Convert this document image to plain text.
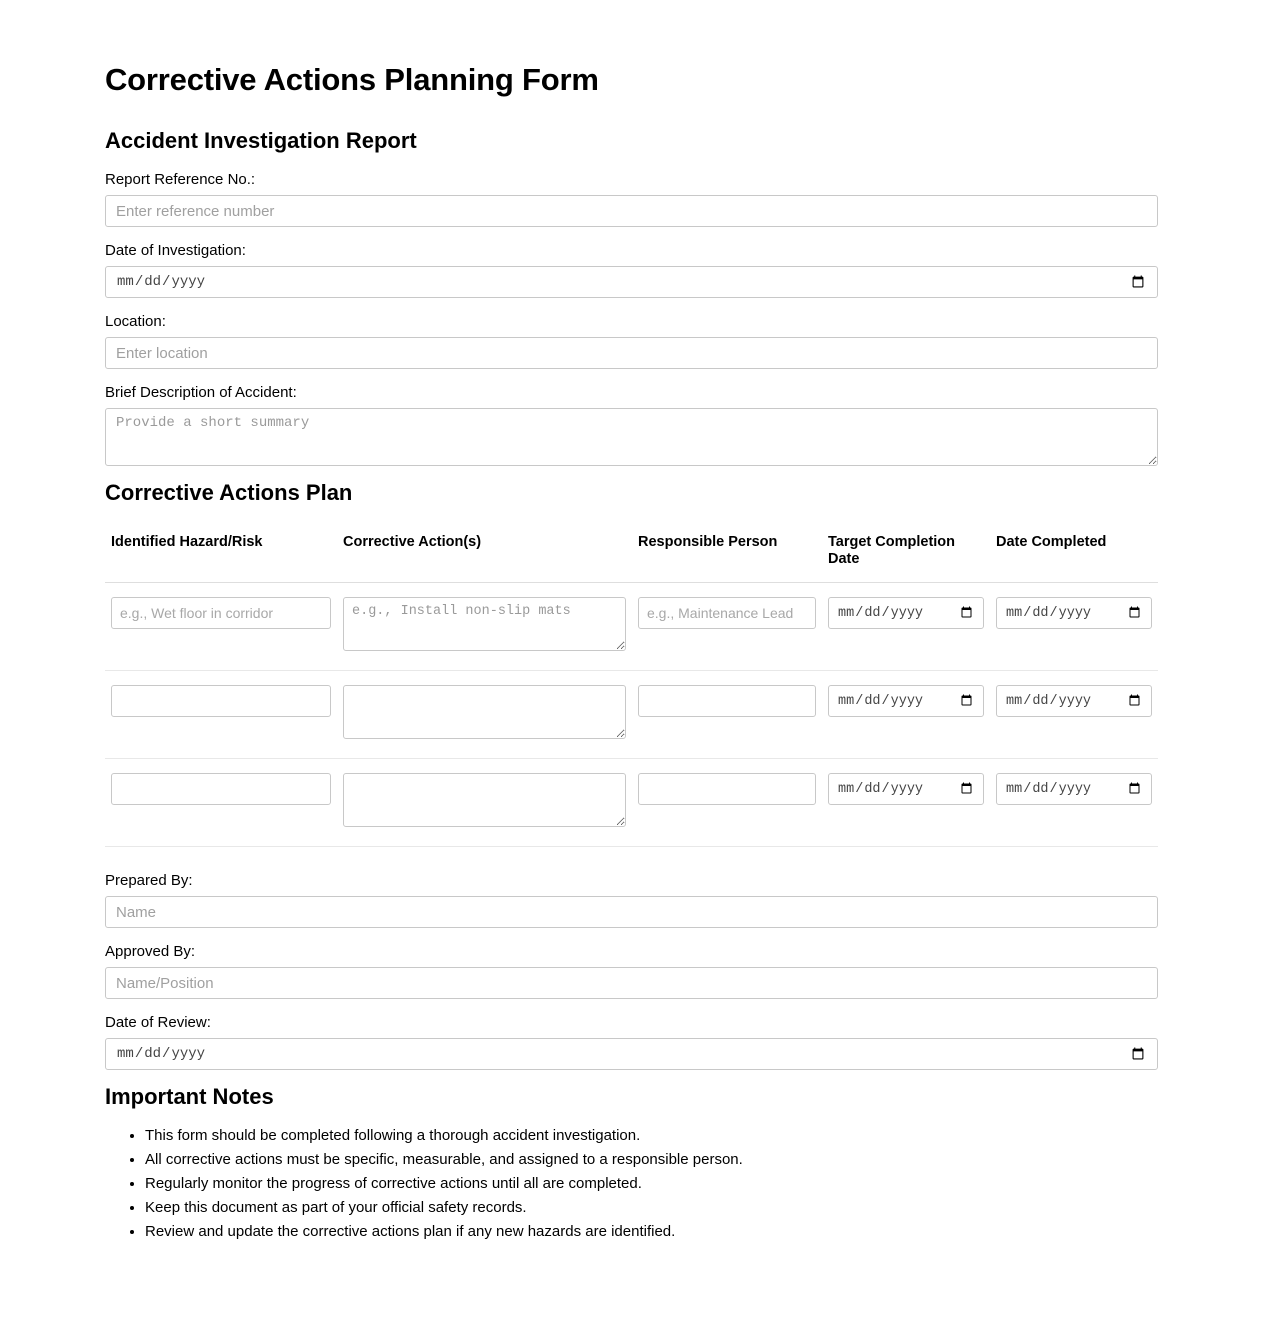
Corrective Actions Planning Form
Accident Investigation Report
Report Reference No.:
Enter reference number
Date of Investigation:
mm/dd/yyyy
Location:
Enter location
Brief Description of Accident:
Provide a short summary
Corrective Actions Plan
Identified Hazard/Risk	Corrective Action(s)	Responsible Person	Target Completion Date	Date Completed
e.g., Wet floor in corridor	e.g., Install non-slip mats	e.g., Maintenance Lead	mm/dd/yyyy	mm/dd/yyyy
			mm/dd/yyyy	mm/dd/yyyy
			mm/dd/yyyy	mm/dd/yyyy
Prepared By:
Name
Approved By:
Name/Position
Date of Review:
mm/dd/yyyy
Important Notes
• This form should be completed following a thorough accident investigation.
• All corrective actions must be specific, measurable, and assigned to a responsible person.
• Regularly monitor the progress of corrective actions until all are completed.
• Keep this document as part of your official safety records.
• Review and update the corrective actions plan if any new hazards are identified.
